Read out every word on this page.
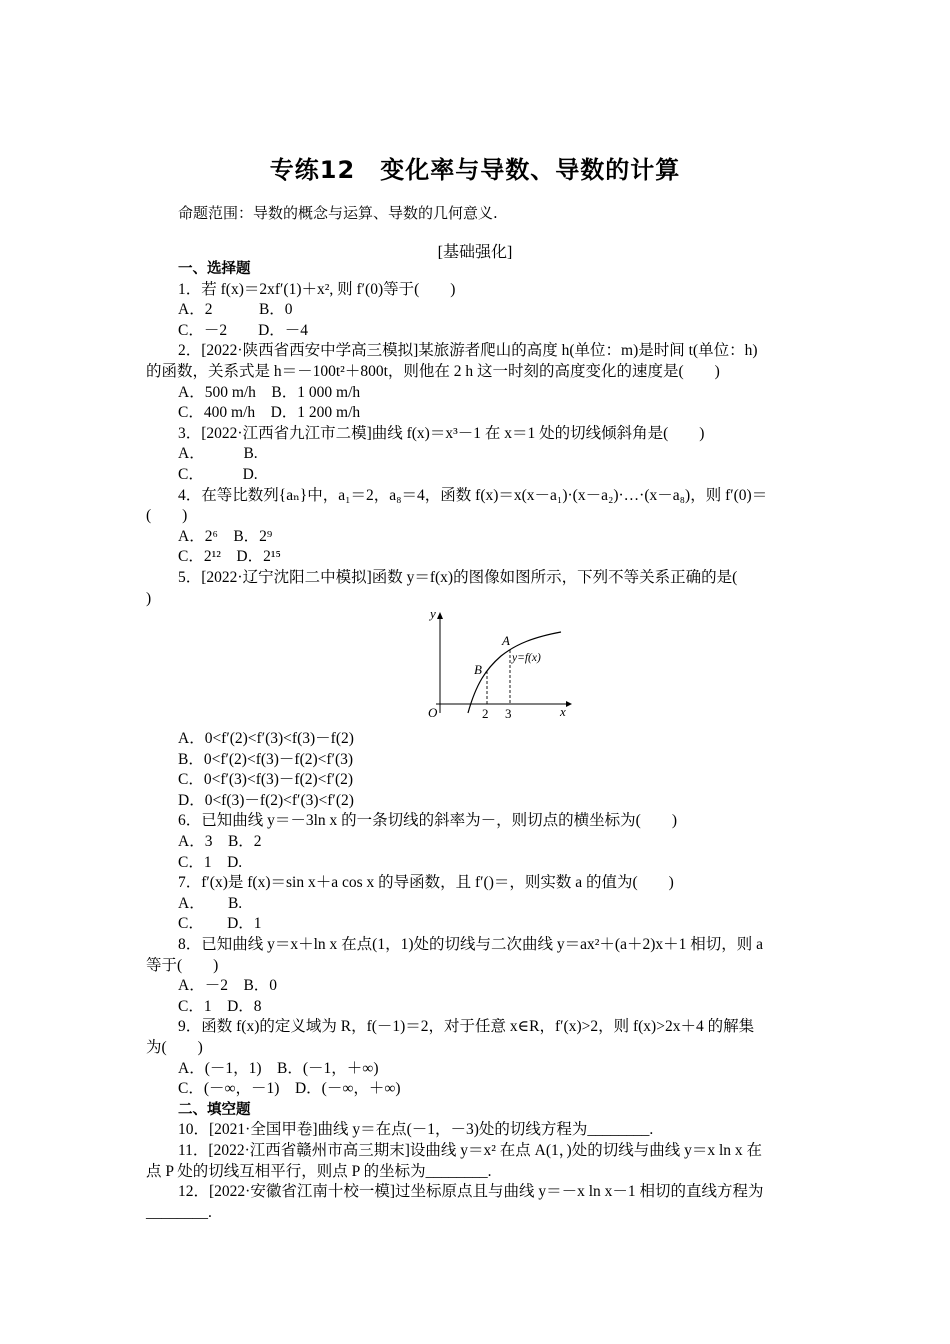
专练12　变化率与导数、导数的计算
命题范围：导数的概念与运算、导数的几何意义.
[基础强化]
一、选择题
1．若 f(x)＝2xf′(1)＋x², 则 f′(0)等于(　　)
A．2　　　B．0
C．－2　　D．－4
2．[2022·陕西省西安中学高三模拟]某旅游者爬山的高度 h(单位：m)是时间 t(单位：h)
的函数，关系式是 h＝－100t²＋800t，则他在 2 h 这一时刻的高度变化的速度是(　　)
A．500 m/h　B．1 000 m/h
C．400 m/h　D．1 200 m/h
3．[2022·江西省九江市二模]曲线 f(x)＝x³－1 在 x＝1 处的切线倾斜角是(　　)
A．　　　B.
C．　　　D.
4．在等比数列{aₙ}中，a₁＝2，a₈＝4，函数 f(x)＝x(x－a₁)·(x－a₂)·…·(x－a₈)，则 f′(0)＝
(　　)
A．2⁶　B．2⁹
C．2¹²　D．2¹⁵
5．[2022·辽宁沈阳二中模拟]函数 y＝f(x)的图像如图所示，下列不等关系正确的是(
)
y
x
O
A
B
y=f(x)
2 3
A．0<f′(2)<f′(3)<f(3)－f(2)
B．0<f′(2)<f(3)－f(2)<f′(3)
C．0<f′(3)<f(3)－f(2)<f′(2)
D．0<f(3)－f(2)<f′(3)<f′(2)
6．已知曲线 y＝－3ln x 的一条切线的斜率为－，则切点的横坐标为(　　)
A．3　B．2
C．1　D.
7．f′(x)是 f(x)＝sin x＋a cos x 的导函数，且 f′()＝，则实数 a 的值为(　　)
A．　　B.
C．　　D．1
8．已知曲线 y＝x＋ln x 在点(1，1)处的切线与二次曲线 y＝ax²＋(a＋2)x＋1 相切，则 a
等于(　　)
A．－2　B．0
C．1　D．8
9．函数 f(x)的定义域为 R，f(－1)＝2，对于任意 x∈R，f′(x)>2，则 f(x)>2x＋4 的解集
为(　　)
A．(－1，1)　B．(－1，＋∞)
C．(－∞，－1)　D．(－∞，＋∞)
二、填空题
10．[2021·全国甲卷]曲线 y＝在点(－1，－3)处的切线方程为________.
11．[2022·江西省赣州市高三期末]设曲线 y＝x² 在点 A(1，)处的切线与曲线 y＝x ln x 在
点 P 处的切线互相平行，则点 P 的坐标为________.
12．[2022·安徽省江南十校一模]过坐标原点且与曲线 y＝－x ln x－1 相切的直线方程为
________.
